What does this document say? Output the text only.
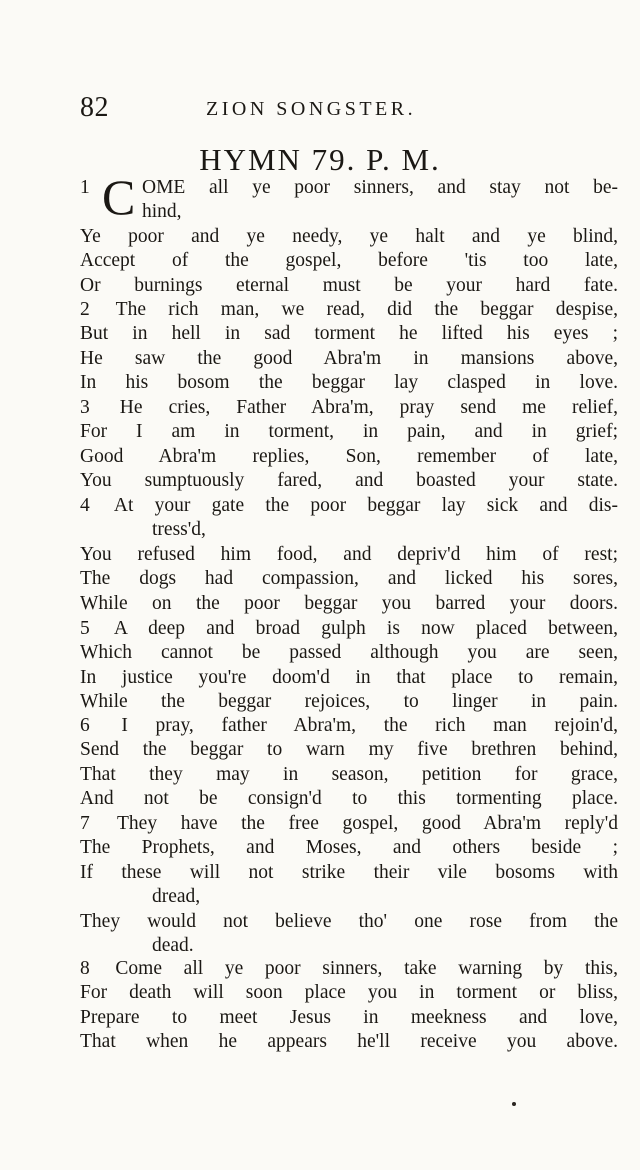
82	ZION SONGSTER.
HYMN 79. P. M.
1 C OME all ye poor sinners, and stay not be-
hind,
Ye poor and ye needy, ye halt and ye blind,
Accept of the gospel, before 'tis too late,
Or burnings eternal must be your hard fate.
2 The rich man, we read, did the beggar despise,
But in hell in sad torment he lifted his eyes ;
He saw the good Abra'm in mansions above,
In his bosom the beggar lay clasped in love.
3 He cries, Father Abra'm, pray send me relief,
For I am in torment, in pain, and in grief;
Good Abra'm replies, Son, remember of late,
You sumptuously fared, and boasted your state.
4 At your gate the poor beggar lay sick and dis-
tress'd,
You refused him food, and depriv'd him of rest;
The dogs had compassion, and licked his sores,
While on the poor beggar you barred your doors.
5 A deep and broad gulph is now placed between,
Which cannot be passed although you are seen,
In justice you're doom'd in that place to remain,
While the beggar rejoices, to linger in pain.
6 I pray, father Abra'm, the rich man rejoin'd,
Send the beggar to warn my five brethren behind,
That they may in season, petition for grace,
And not be consign'd to this tormenting place.
7 They have the free gospel, good Abra'm reply'd
The Prophets, and Moses, and others beside ;
If these will not strike their vile bosoms with
dread,
They would not believe tho' one rose from the
dead.
8 Come all ye poor sinners, take warning by this,
For death will soon place you in torment or bliss,
Prepare to meet Jesus in meekness and love,
That when he appears he'll receive you above.
